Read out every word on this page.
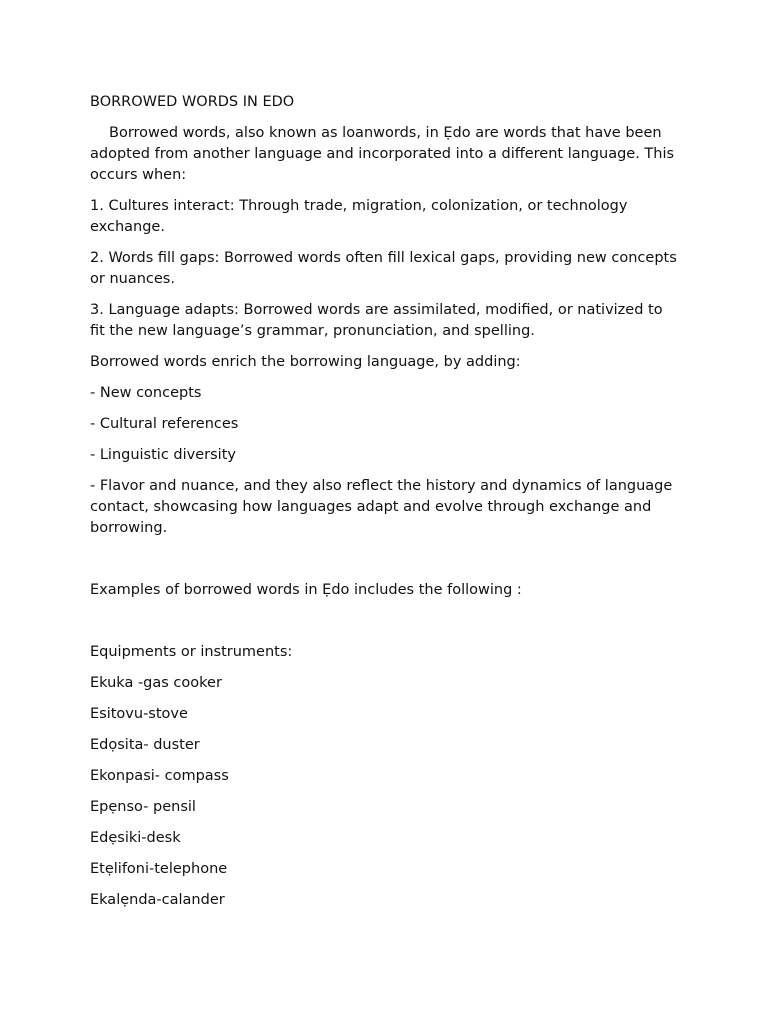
BORROWED WORDS IN EDO

Borrowed words, also known as loanwords, in Ẹdo are words that have been adopted from another language and incorporated into a different language. This occurs when:

1. Cultures interact: Through trade, migration, colonization, or technology exchange.

2. Words fill gaps: Borrowed words often fill lexical gaps, providing new concepts or nuances.

3. Language adapts: Borrowed words are assimilated, modified, or nativized to fit the new language’s grammar, pronunciation, and spelling.

Borrowed words enrich the borrowing language, by adding:

- New concepts

- Cultural references

- Linguistic diversity

- Flavor and nuance, and they also reflect the history and dynamics of language contact, showcasing how languages adapt and evolve through exchange and borrowing.

Examples of borrowed words in Ẹdo includes the following :

Equipments or instruments:

Ekuka -gas cooker

Esitovu-stove

Edọsita- duster

Ekonpasi- compass

Epẹnso- pensil

Edẹsiki-desk

Etẹlifoni-telephone

Ekalẹnda-calander
